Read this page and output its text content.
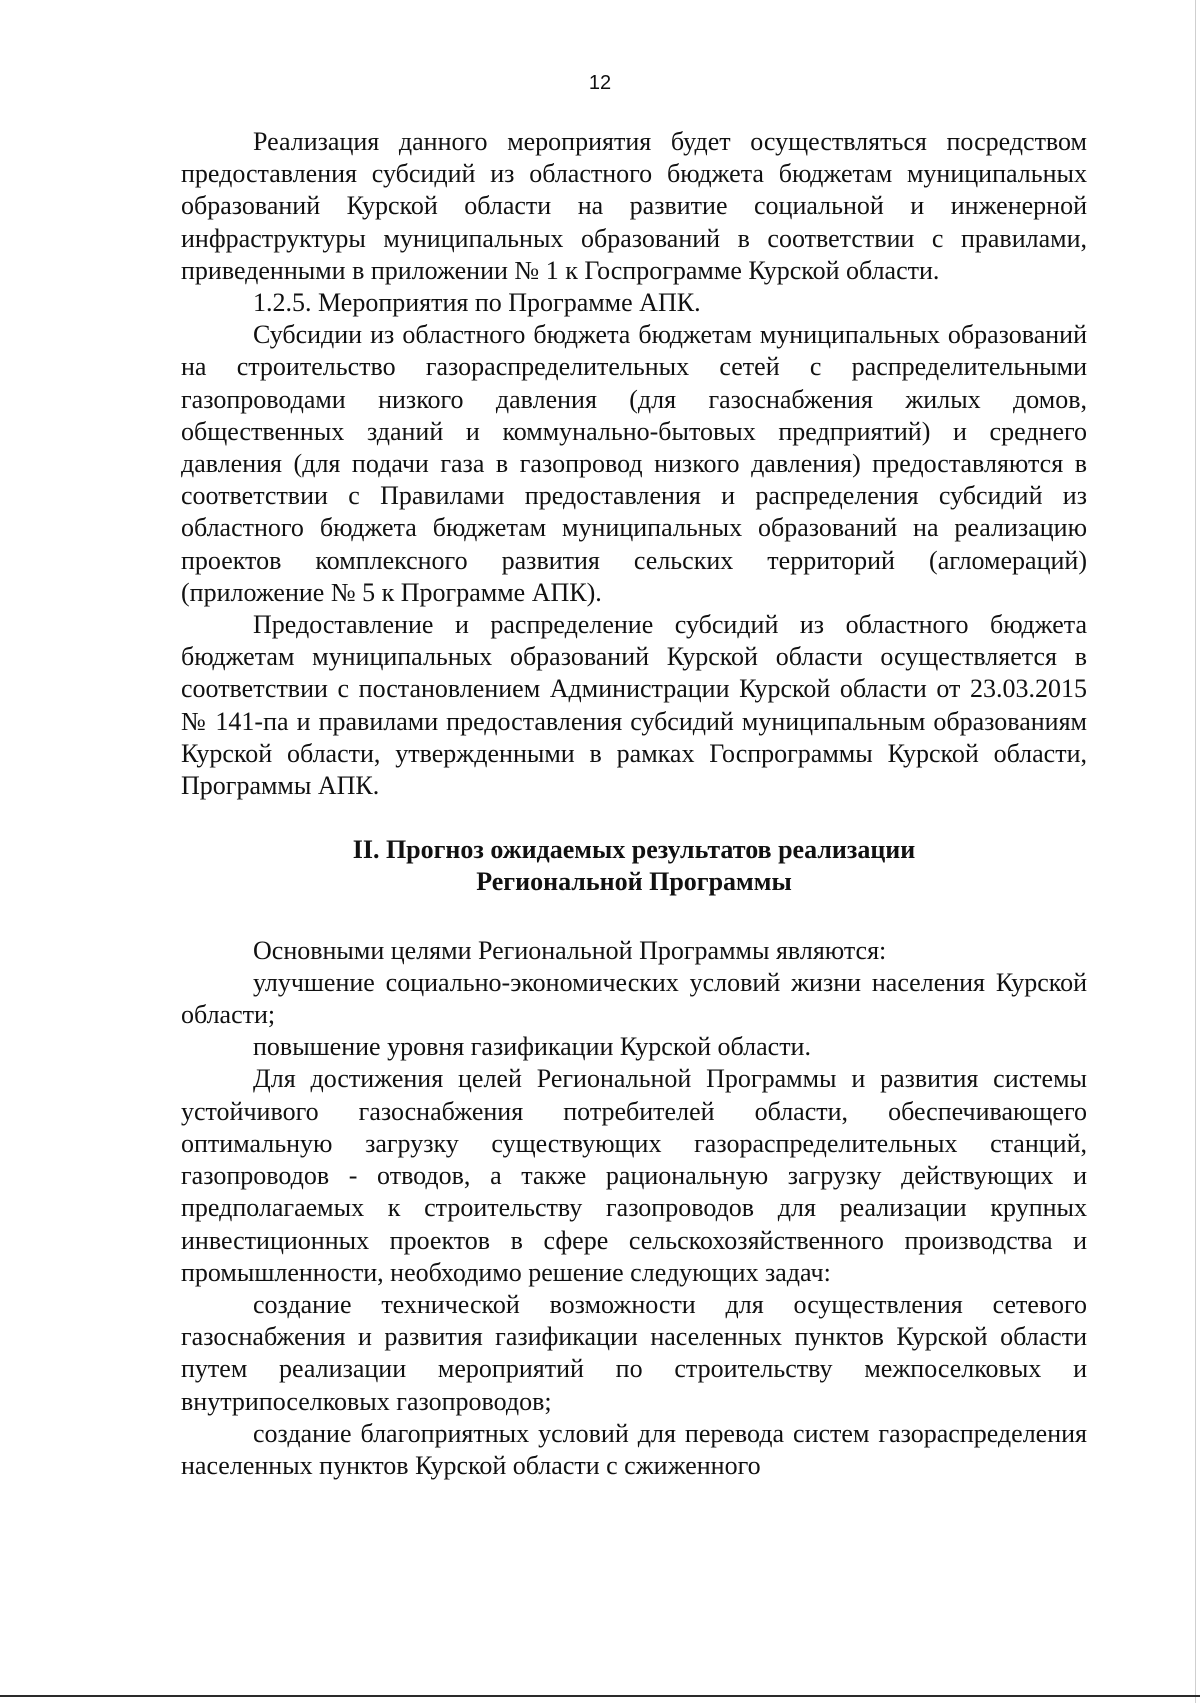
12

Реализация данного мероприятия будет осуществляться посредством предоставления субсидий из областного бюджета бюджетам муниципальных образований Курской области на развитие социальной и инженерной инфраструктуры муниципальных образований в соответствии с правилами, приведенными в приложении № 1 к Госпрограмме Курской области.

1.2.5. Мероприятия по Программе АПК.

Субсидии из областного бюджета бюджетам муниципальных образований на строительство газораспределительных сетей с распределительными газопроводами низкого давления (для газоснабжения жилых домов, общественных зданий и коммунально-бытовых предприятий) и среднего давления (для подачи газа в газопровод низкого давления) предоставляются в соответствии с Правилами предоставления и распределения субсидий из областного бюджета бюджетам муниципальных образований на реализацию проектов комплексного развития сельских территорий (агломераций) (приложение № 5 к Программе АПК).

Предоставление и распределение субсидий из областного бюджета бюджетам муниципальных образований Курской области осуществляется в соответствии с постановлением Администрации Курской области от 23.03.2015 № 141-па и правилами предоставления субсидий муниципальным образованиям Курской области, утвержденными в рамках Госпрограммы Курской области, Программы АПК.

II. Прогноз ожидаемых результатов реализации
Региональной Программы

Основными целями Региональной Программы являются:

улучшение социально-экономических условий жизни населения Курской области;

повышение уровня газификации Курской области.

Для достижения целей Региональной Программы и развития системы устойчивого газоснабжения потребителей области, обеспечивающего оптимальную загрузку существующих газораспределительных станций, газопроводов - отводов, а также рациональную загрузку действующих и предполагаемых к строительству газопроводов для реализации крупных инвестиционных проектов в сфере сельскохозяйственного производства и промышленности, необходимо решение следующих задач:

создание технической возможности для осуществления сетевого газоснабжения и развития газификации населенных пунктов Курской области путем реализации мероприятий по строительству межпоселковых и внутрипоселковых газопроводов;

создание благоприятных условий для перевода систем газораспределения населенных пунктов Курской области с сжиженного
